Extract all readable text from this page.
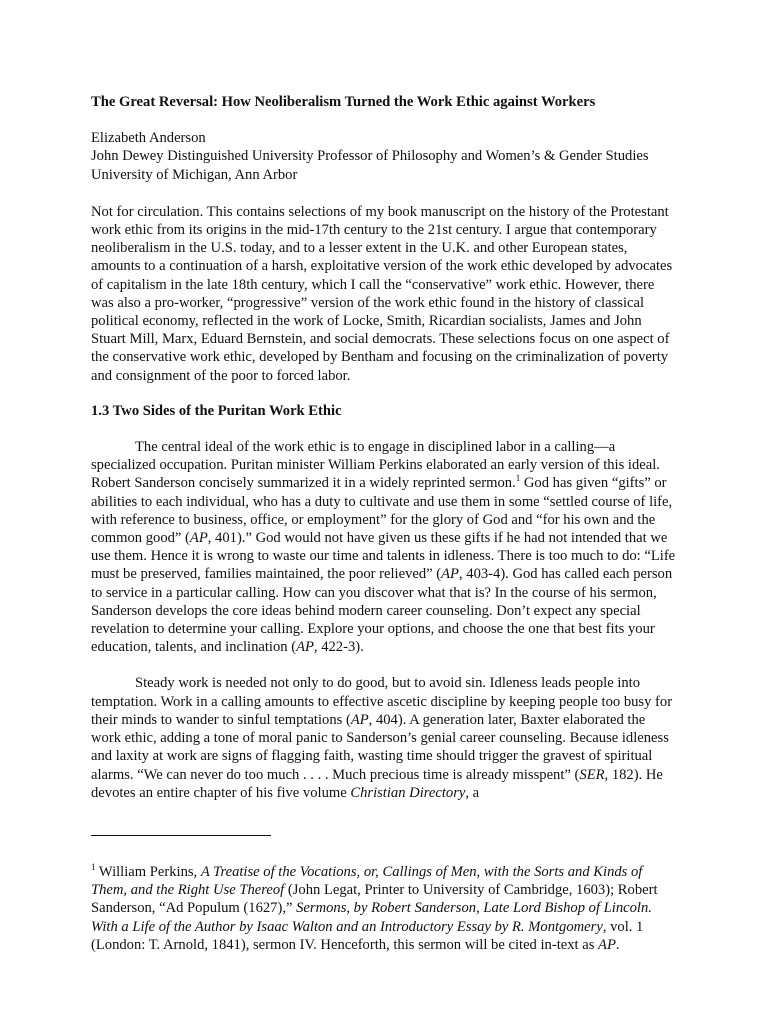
The Great Reversal: How Neoliberalism Turned the Work Ethic against Workers
Elizabeth Anderson
John Dewey Distinguished University Professor of Philosophy and Women’s & Gender Studies
University of Michigan, Ann Arbor

Not for circulation. This contains selections of my book manuscript on the history of the Protestant work ethic from its origins in the mid-17th century to the 21st century. I argue that contemporary neoliberalism in the U.S. today, and to a lesser extent in the U.K. and other European states, amounts to a continuation of a harsh, exploitative version of the work ethic developed by advocates of capitalism in the late 18th century, which I call the “conservative” work ethic. However, there was also a pro-worker, “progressive” version of the work ethic found in the history of classical political economy, reflected in the work of Locke, Smith, Ricardian socialists, James and John Stuart Mill, Marx, Eduard Bernstein, and social democrats. These selections focus on one aspect of the conservative work ethic, developed by Bentham and focusing on the criminalization of poverty and consignment of the poor to forced labor.

1.3 Two Sides of the Puritan Work Ethic

The central ideal of the work ethic is to engage in disciplined labor in a calling—a specialized occupation. Puritan minister William Perkins elaborated an early version of this ideal. Robert Sanderson concisely summarized it in a widely reprinted sermon.$^1$ God has given “gifts” or abilities to each individual, who has a duty to cultivate and use them in some “settled course of life, with reference to business, office, or employment” for the glory of God and “for his own and the common good” (AP, 401).” God would not have given us these gifts if he had not intended that we use them. Hence it is wrong to waste our time and talents in idleness. There is too much to do: “Life must be preserved, families maintained, the poor relieved” (AP, 403-4). God has called each person to service in a particular calling. How can you discover what that is? In the course of his sermon, Sanderson develops the core ideas behind modern career counseling. Don’t expect any special revelation to determine your calling. Explore your options, and choose the one that best fits your education, talents, and inclination (AP, 422-3).

Steady work is needed not only to do good, but to avoid sin. Idleness leads people into temptation. Work in a calling amounts to effective ascetic discipline by keeping people too busy for their minds to wander to sinful temptations (AP, 404). A generation later, Baxter elaborated the work ethic, adding a tone of moral panic to Sanderson’s genial career counseling. Because idleness and laxity at work are signs of flagging faith, wasting time should trigger the gravest of spiritual alarms. “We can never do too much . . . . Much precious time is already misspent” (SER, 182). He devotes an entire chapter of his five volume Christian Directory, a

$^1$ William Perkins, A Treatise of the Vocations, or, Callings of Men, with the Sorts and Kinds of Them, and the Right Use Thereof (John Legat, Printer to University of Cambridge, 1603); Robert Sanderson, “Ad Populum (1627),” Sermons, by Robert Sanderson, Late Lord Bishop of Lincoln. With a Life of the Author by Isaac Walton and an Introductory Essay by R. Montgomery, vol. 1 (London: T. Arnold, 1841), sermon IV. Henceforth, this sermon will be cited in-text as AP.
